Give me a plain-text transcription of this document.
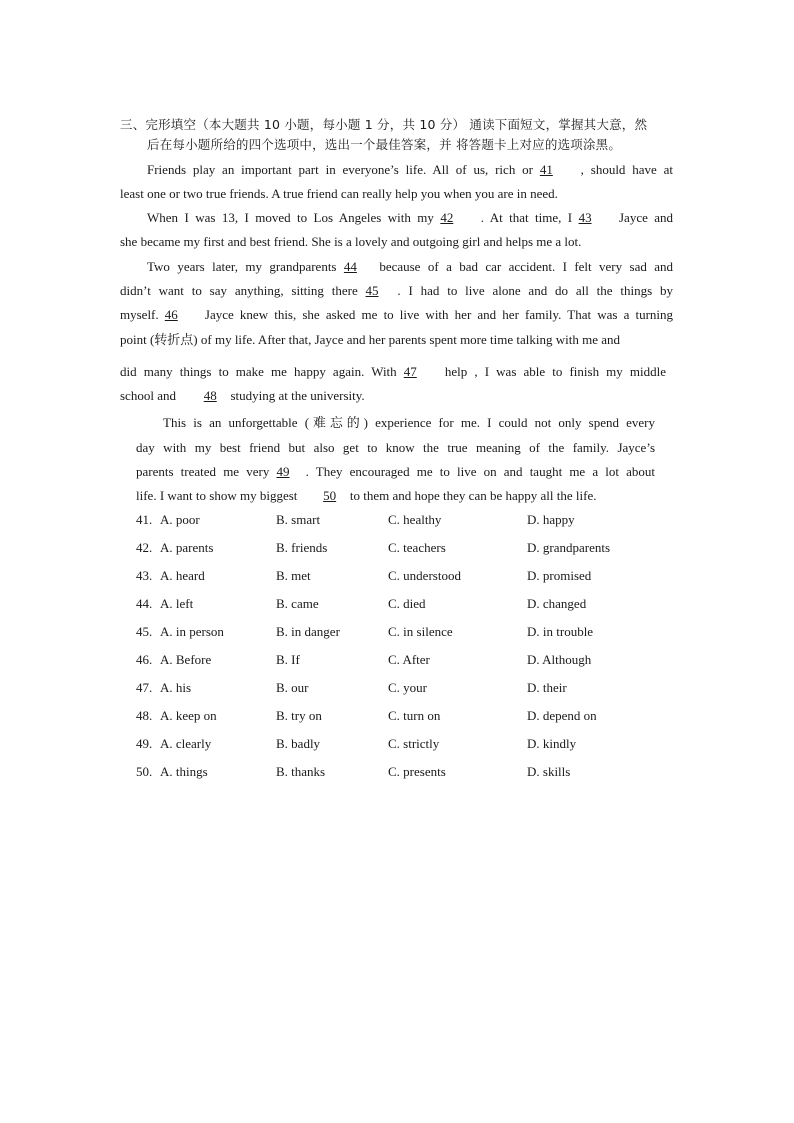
三、完形填空（本大题共 10 小题，每小题 1 分，共 10 分） 通读下面短文，掌握其大意，然
后在每小题所给的四个选项中，选出一个最佳答案，并 将答题卡上对应的选项涂黑。
Friends play an important part in everyone’s life. All of us, rich or 41 , should have at
least one or two true friends. A true friend can really help you when you are in need.
When I was 13, I moved to Los Angeles with my 42 . At that time, I 43 Jayce and
she became my first and best friend. She is a lovely and outgoing girl and helps me a lot.
Two years later, my grandparents 44 because of a bad car accident. I felt very sad and
didn’t want to say anything, sitting there 45 . I had to live alone and do all the things by
myself. 46 Jayce knew this, she asked me to live with her and her family. That was a turning
point (转折点) of my life. After that, Jayce and her parents spent more time talking with me and
did many things to make me happy again. With 47 help , I was able to finish my middle
school and 48 studying at the university.
This is an unforgettable (难忘的) experience for me. I could not only spend every
day with my best friend but also get to know the true meaning of the family. Jayce’s
parents treated me very 49 . They encouraged me to live on and taught me a lot about
life. I want to show my biggest 50 to them and hope they can be happy all the life.
41. A. poor	B. smart	C. healthy	D. happy
42. A. parents	B. friends	C. teachers	D. grandparents
43. A. heard	B. met	C. understood	D. promised
44. A. left	B. came	C. died	D. changed
45. A. in person	B. in danger	C. in silence	D. in trouble
46. A. Before	B. If	C. After	D. Although
47. A. his	B. our	C. your	D. their
48. A. keep on	B. try on	C. turn on	D. depend on
49. A. clearly	B. badly	C. strictly	D. kindly
50. A. things	B. thanks	C. presents	D. skills
